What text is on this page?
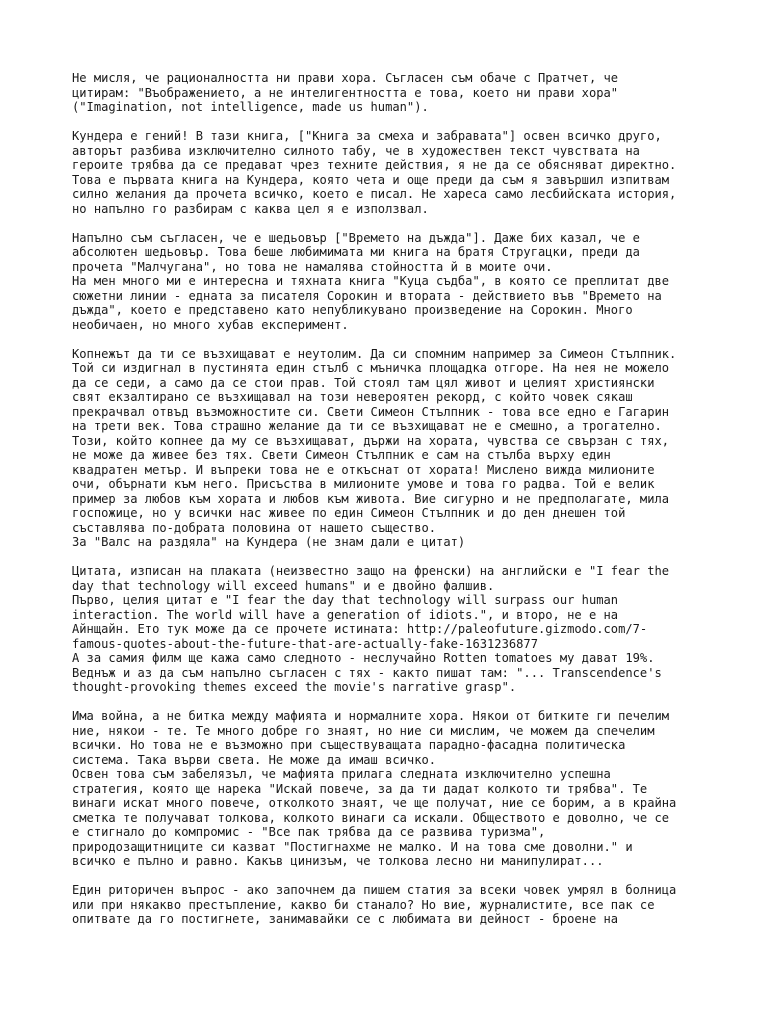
Не мисля, че рационалността ни прави хора. Съгласен съм обаче с Пратчет, че
цитирам: "Въображението, а не интелигентността е това, което ни прави хора"
("Imagination, not intelligence, made us human").
Кундера е гений! В тази книга, ["Книга за смеха и забравата"] освен всичко друго,
авторът разбива изключително силното табу, че в художествен текст чувствата на
героите трябва да се предават чрез техните действия, я не да се обясняват директно.
Това е първата книга на Кундера, която чета и още преди да съм я завършил изпитвам
силно желания да прочета всичко, което е писал. Не хареса само лесбийската история,
но напълно го разбирам с каква цел я е използвал.
Напълно съм съгласен, че е шедьовър ["Времето на дъжда"]. Даже бих казал, че е
абсолютен шедьовър. Това беше любимимата ми книга на братя Стругацки, преди да
прочета "Малчугана", но това не намалява стойността й в моите очи.
На мен много ми е интересна и тяхната книга "Куца съдба", в която се преплитат две
сюжетни линии - едната за писателя Сорокин и втората - действието във "Времето на
дъжда", което е представено като непубликувано произведение на Сорокин. Много
необичаен, но много хубав експеримент.
Копнежът да ти се възхищават е неутолим. Да си спомним например за Симеон Стълпник.
Той си издигнал в пустинята един стълб с мъничка площадка отгоре. На нея не можело
да се седи, а само да се стои прав. Той стоял там цял живот и целият християнски
свят екзалтирано се възхищавал на този невероятен рекорд, с който човек сякаш
прекрачвал отвъд възможностите си. Свети Симеон Стълпник - това все едно е Гагарин
на трети век. Това страшно желание да ти се възхищават не е смешно, а трогателно.
Този, който копнее да му се възхищават, държи на хората, чувства се свързан с тях,
не може да живее без тях. Свети Симеон Стълпник е сам на стълба върху един
квадратен метър. И въпреки това не е откъснат от хората! Мислено вижда милионите
очи, обърнати към него. Присъства в милионите умове и това го радва. Той е велик
пример за любов към хората и любов към живота. Вие сигурно и не предполагате, мила
госпожице, но у всички нас живее по един Симеон Стълпник и до ден днешен той
съставлява по-добрата половина от нашето същество.
За "Валс на раздяла" на Кундера (не знам дали е цитат)
Цитата, изписан на плаката (неизвестно защо на френски) на английски е "I fear the
day that technology will exceed humans" и е двойно фалшив.
Първо, целия цитат е "I fear the day that technology will surpass our human
interaction. The world will have a generation of idiots.", и второ, не е на
Айнщайн. Ето тук може да се прочете истината: http://paleofuture.gizmodo.com/7-
famous-quotes-about-the-future-that-are-actually-fake-1631236877
А за самия филм ще кажа само следното - неслучайно Rotten tomatoes му дават 19%.
Веднъж и аз да съм напълно съгласен с тях - както пишат там: "... Transcendence's
thought-provoking themes exceed the movie's narrative grasp".
Има война, а не битка между мафията и нормалните хора. Някои от битките ги печелим
ние, някои - те. Те много добре го знаят, но ние си мислим, че можем да спечелим
всички. Но това не е възможно при съществуващата парадно-фасадна политическа
система. Така върви света. Не може да имаш всичко.
Освен това съм забелязъл, че мафията прилага следната изключително успешна
стратегия, която ще нарека "Искай повече, за да ти дадат колкото ти трябва". Те
винаги искат много повече, отколкото знаят, че ще получат, ние се борим, а в крайна
сметка те получават толкова, колкото винаги са искали. Обществото е доволно, че се
е стигнало до компромис - "Все пак трябва да се развива туризма",
природозащитниците си казват "Постигнахме не малко. И на това сме доволни." и
всичко е пълно и равно. Какъв цинизъм, че толкова лесно ни манипулират...
Един риторичен въпрос - ако започнем да пишем статия за всеки човек умрял в болница
или при някакво престъпление, какво би станало? Но вие, журналистите, все пак се
опитвате да го постигнете, занимавайки се с любимата ви дейност - броене на
